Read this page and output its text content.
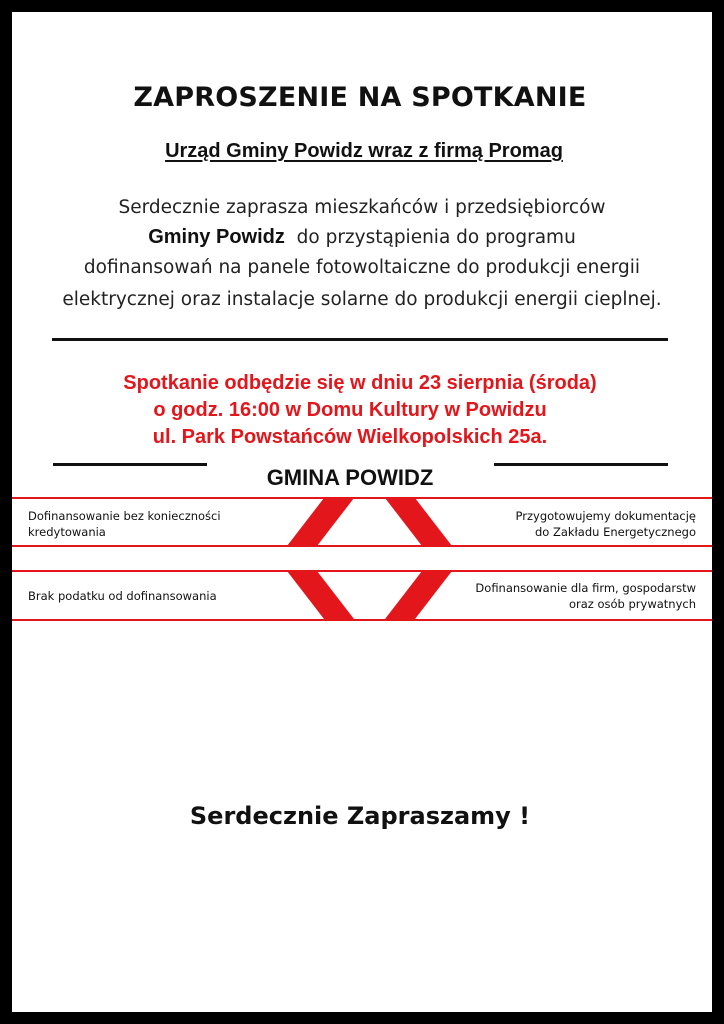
ZAPROSZENIE NA SPOTKANIE
Urząd Gminy Powidz wraz z firmą Promag
Serdecznie zaprasza mieszkańców i przedsiębiorców
Gminy Powidz  do przystąpienia do programu
dofinansowań na panele fotowoltaiczne do produkcji energii
elektrycznej oraz instalacje solarne do produkcji energii cieplnej.
Spotkanie odbędzie się w dniu 23 sierpnia (środa)
o godz. 16:00 w Domu Kultury w Powidzu
ul. Park Powstańców Wielkopolskich 25a.
GMINA POWIDZ
Dofinansowanie bez konieczności
kredytowania
Przygotowujemy dokumentację
do Zakładu Energetycznego
Brak podatku od dofinansowania
Dofinansowanie dla firm, gospodarstw
oraz osób prywatnych
Serdecznie Zapraszamy !
